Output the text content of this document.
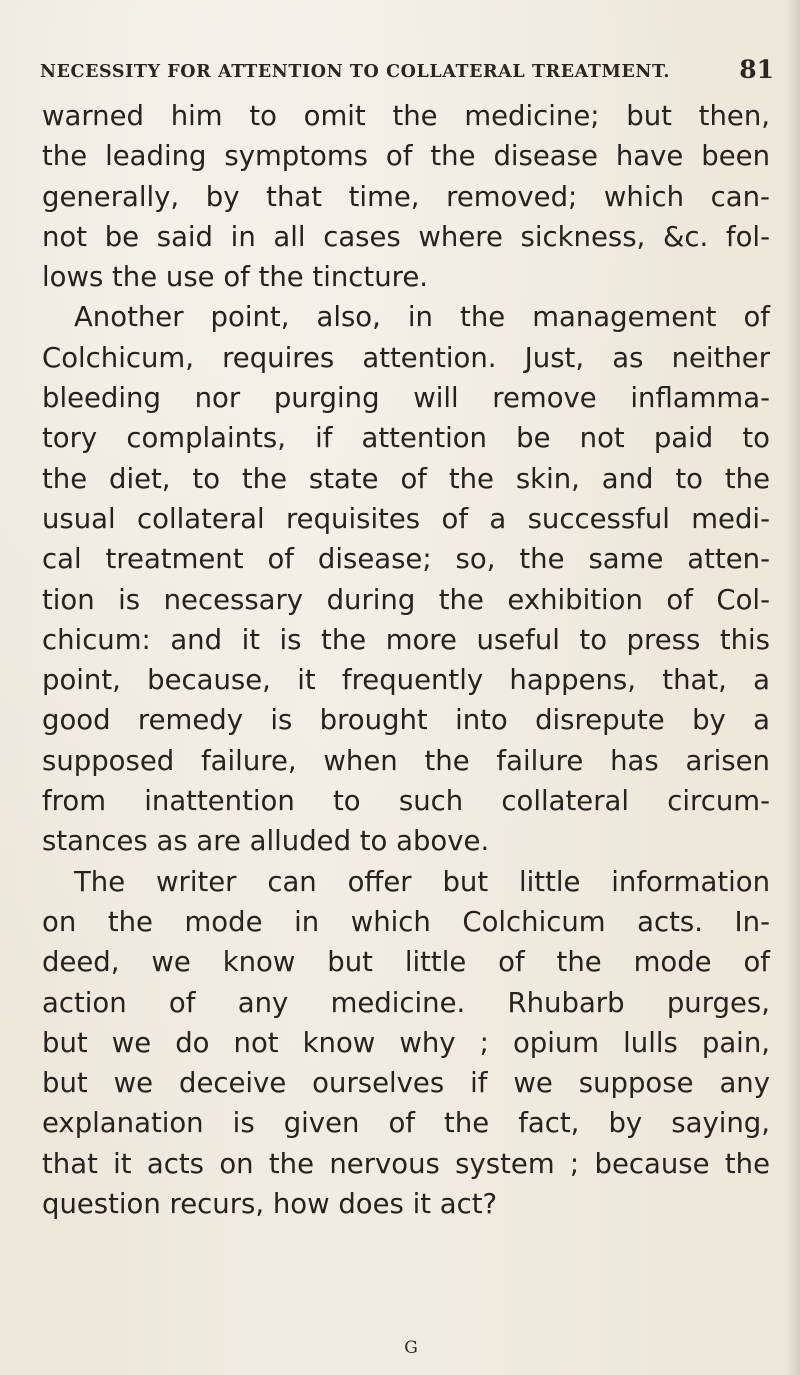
NECESSITY FOR ATTENTION TO COLLATERAL TREATMENT.	81
warned him to omit the medicine; but then,
the leading symptoms of the disease have been
generally, by that time, removed; which can-
not be said in all cases where sickness, &c. fol-
lows the use of the tincture.
Another point, also, in the management of
Colchicum, requires attention. Just, as neither
bleeding nor purging will remove inflamma-
tory complaints, if attention be not paid to
the diet, to the state of the skin, and to the
usual collateral requisites of a successful medi-
cal treatment of disease; so, the same atten-
tion is necessary during the exhibition of Col-
chicum: and it is the more useful to press this
point, because, it frequently happens, that, a
good remedy is brought into disrepute by a
supposed failure, when the failure has arisen
from inattention to such collateral circum-
stances as are alluded to above.
The writer can offer but little information
on the mode in which Colchicum acts. In-
deed, we know but little of the mode of
action of any medicine. Rhubarb purges,
but we do not know why ; opium lulls pain,
but we deceive ourselves if we suppose any
explanation is given of the fact, by saying,
that it acts on the nervous system ; because the
question recurs, how does it act?
G
